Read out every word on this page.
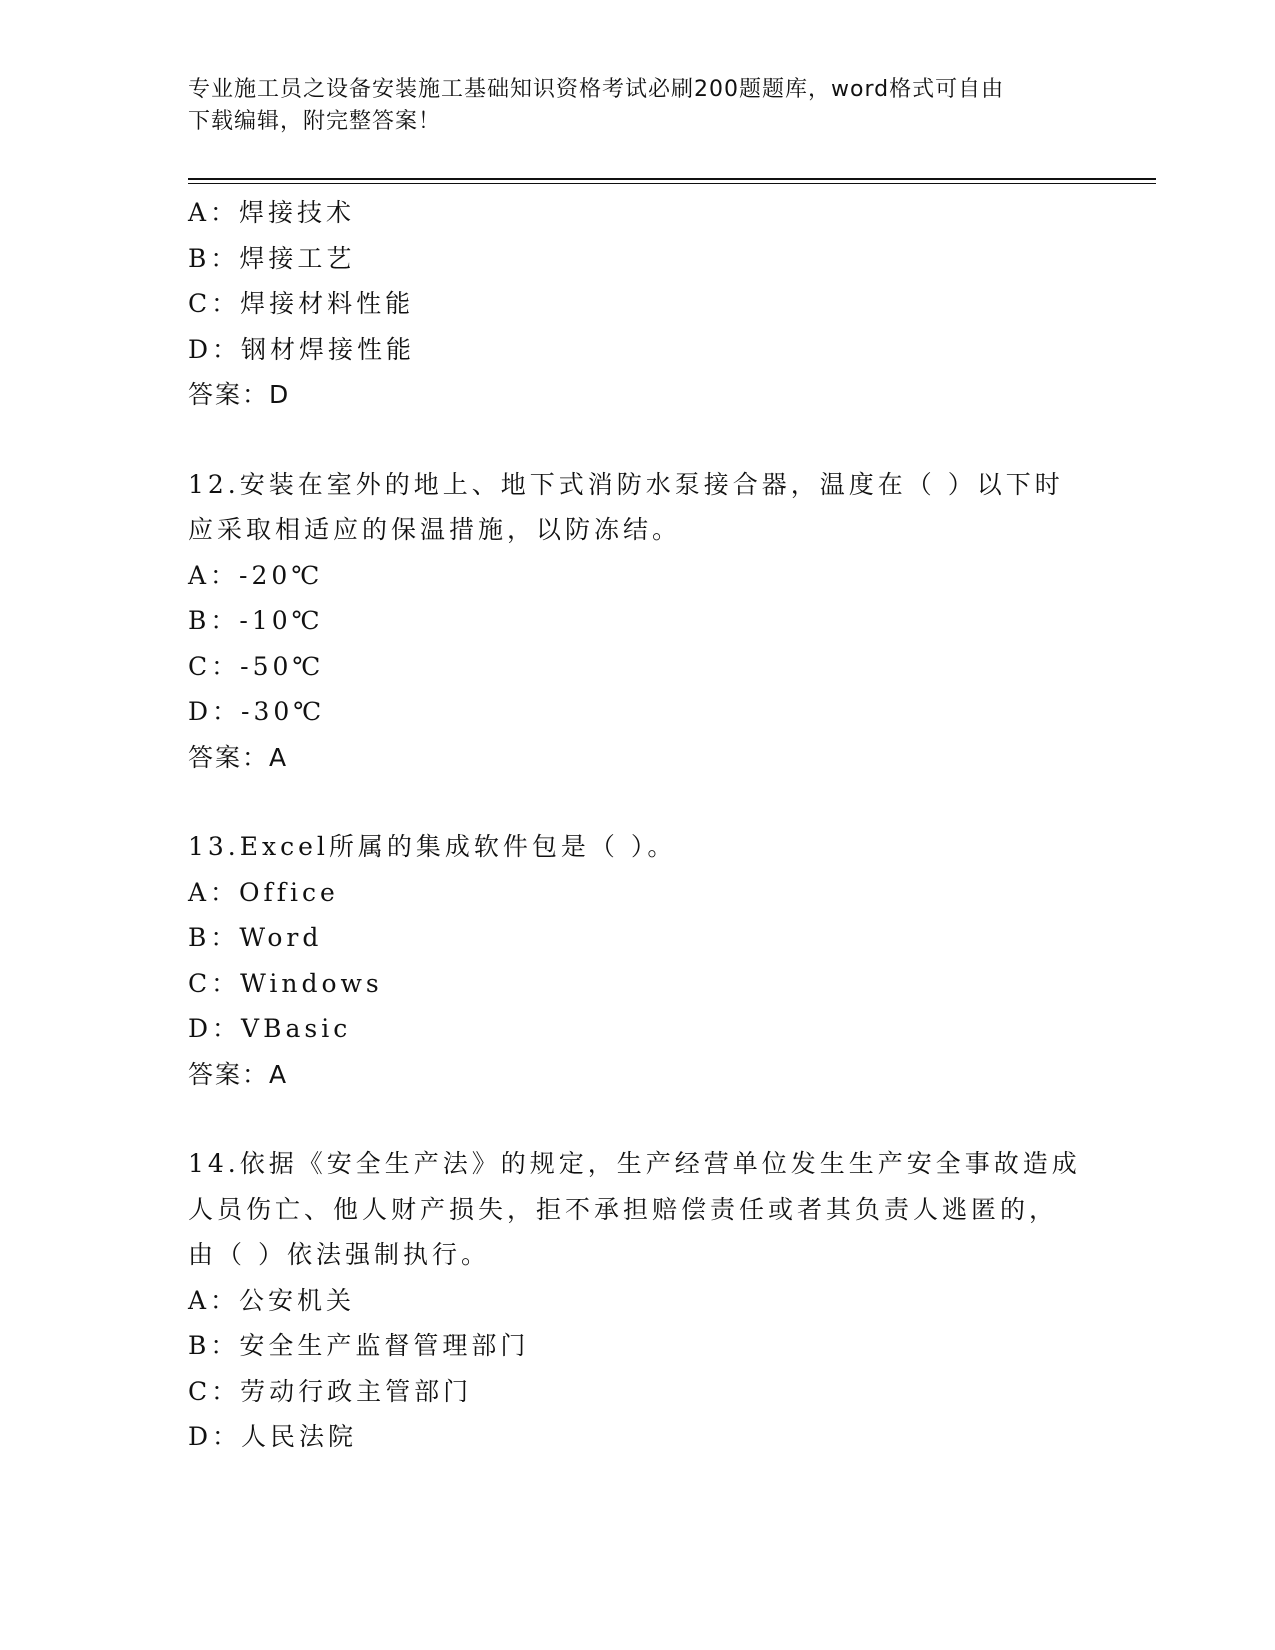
专业施工员之设备安装施工基础知识资格考试必刷200题题库，word格式可自由
下载编辑，附完整答案！
A：焊接技术
B：焊接工艺
C：焊接材料性能
D：钢材焊接性能
答案：D
12.安装在室外的地上、地下式消防水泵接合器，温度在（ ）以下时
应采取相适应的保温措施，以防冻结。
A：-20℃
B：-10℃
C：-50℃
D：-30℃
答案：A
13.Excel所属的集成软件包是（ ）。
A：Office
B：Word
C：Windows
D：VBasic
答案：A
14.依据《安全生产法》的规定，生产经营单位发生生产安全事故造成
人员伤亡、他人财产损失，拒不承担赔偿责任或者其负责人逃匿的，
由（ ）依法强制执行。
A：公安机关
B：安全生产监督管理部门
C：劳动行政主管部门
D：人民法院
